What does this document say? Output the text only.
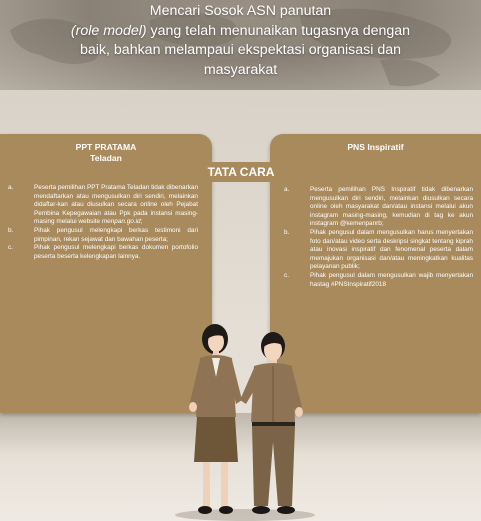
Mencari Sosok ASN panutan
(role model) yang telah menunaikan tugasnya dengan
baik, bahkan melampaui ekspektasi organisasi dan
masyarakat
PPT PRATAMA
Teladan
a.	Peserta pemilihan PPT Pratama Teladan tidak dibenarkan mendaftarkan atau mengusulkan diri sendiri, melainkan didaftar-kan atau diusulkan secara online oleh Pejabat Pembina Kepegawaian atau Ppk pada instansi masing-masing melalui website menpan.go.id;
b.	Pihak pengusul melengkapi berkas testimoni dari pimpinan, rekan sejawat dan bawahan peserta;
c.	Pihak pengusul melengkapi berkas dokumen portofolio peserta beserta kelengkapan lainnya.
PNS Inspiratif
a.	Peserta pemilihan PNS Inspiratif tidak dibenarkan mengusulkan diri sendiri, melainkan diusulkan secara online oleh masyarakat dan/atau instansi melalui akun instagram masing-masing, kemudian di tag ke akun instagram @kemenpanrb;
b.	Pihak pengusul dalam mengusulkan harus menyertakan foto dan/atau video serta deskripsi singkat tentang kiprah atau inovasi inspiratif dan fenomenal peserta dalam memajukan organisasi dan/atau meningkatkan kualitas pelayanan publik;
c.	Pihak pengusul dalam mengusulkan wajib menyertakan hastag #PNSInspiratif2018
TATA CARA
